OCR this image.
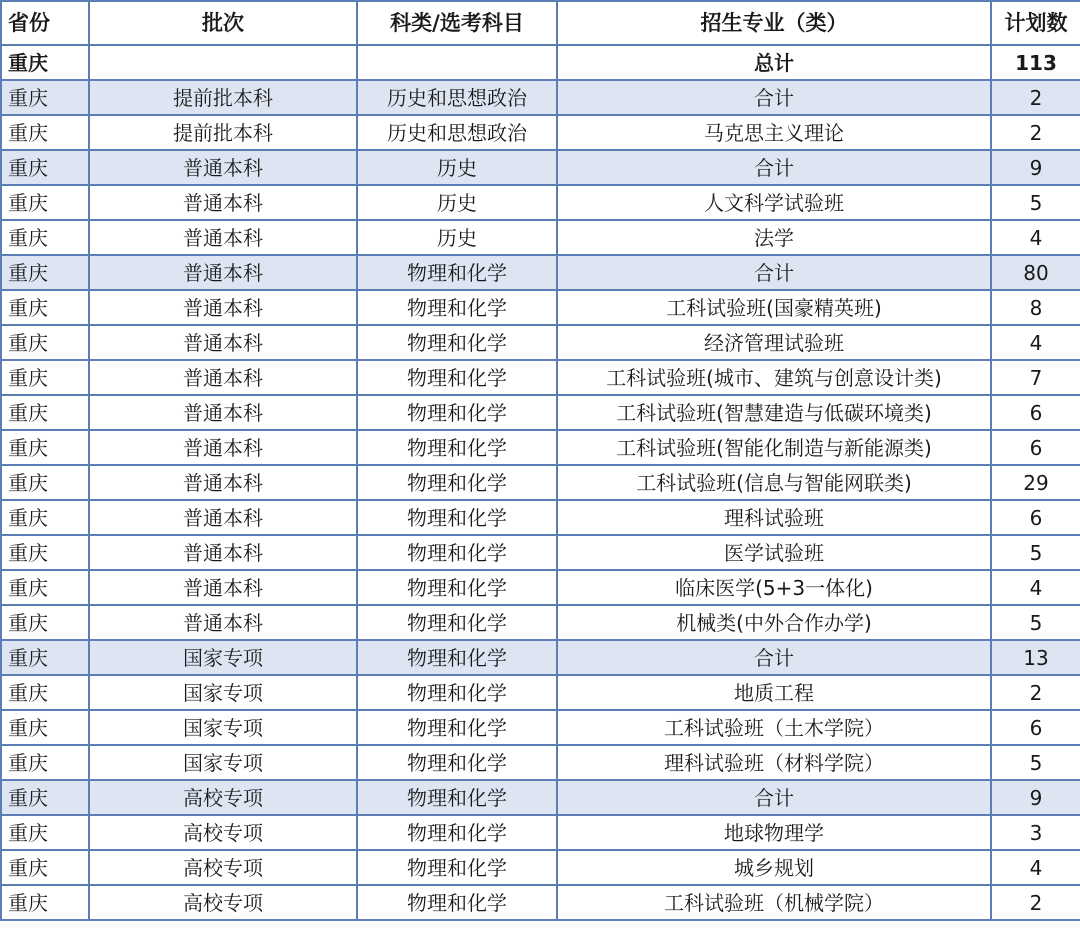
省份	批次	科类/选考科目	招生专业（类）	计划数
重庆			总计	113
重庆	提前批本科	历史和思想政治	合计	2
重庆	提前批本科	历史和思想政治	马克思主义理论	2
重庆	普通本科	历史	合计	9
重庆	普通本科	历史	人文科学试验班	5
重庆	普通本科	历史	法学	4
重庆	普通本科	物理和化学	合计	80
重庆	普通本科	物理和化学	工科试验班(国豪精英班)	8
重庆	普通本科	物理和化学	经济管理试验班	4
重庆	普通本科	物理和化学	工科试验班(城市、建筑与创意设计类)	7
重庆	普通本科	物理和化学	工科试验班(智慧建造与低碳环境类)	6
重庆	普通本科	物理和化学	工科试验班(智能化制造与新能源类)	6
重庆	普通本科	物理和化学	工科试验班(信息与智能网联类)	29
重庆	普通本科	物理和化学	理科试验班	6
重庆	普通本科	物理和化学	医学试验班	5
重庆	普通本科	物理和化学	临床医学(5+3一体化)	4
重庆	普通本科	物理和化学	机械类(中外合作办学)	5
重庆	国家专项	物理和化学	合计	13
重庆	国家专项	物理和化学	地质工程	2
重庆	国家专项	物理和化学	工科试验班（土木学院）	6
重庆	国家专项	物理和化学	理科试验班（材料学院）	5
重庆	高校专项	物理和化学	合计	9
重庆	高校专项	物理和化学	地球物理学	3
重庆	高校专项	物理和化学	城乡规划	4
重庆	高校专项	物理和化学	工科试验班（机械学院）	2
